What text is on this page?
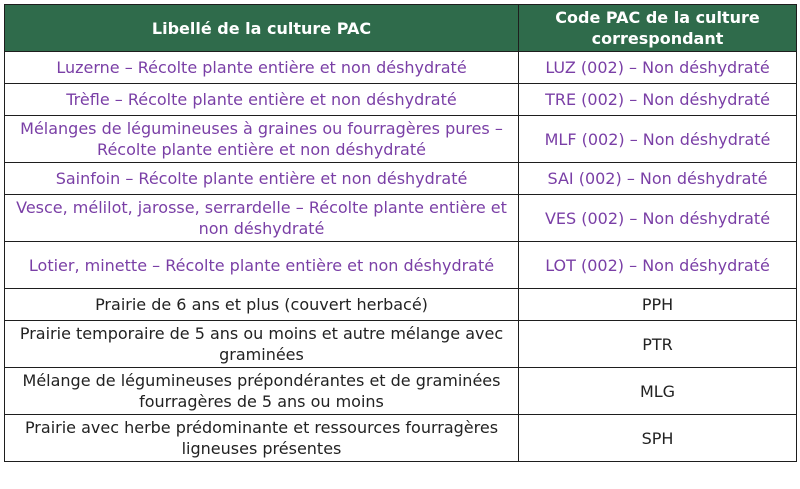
Libellé de la culture PAC	Code PAC de la culture correspondant
Luzerne – Récolte plante entière et non déshydraté	LUZ (002) – Non déshydraté
Trèfle – Récolte plante entière et non déshydraté	TRE (002) – Non déshydraté
Mélanges de légumineuses à graines ou fourragères pures – Récolte plante entière et non déshydraté	MLF (002) – Non déshydraté
Sainfoin – Récolte plante entière et non déshydraté	SAI (002) – Non déshydraté
Vesce, mélilot, jarosse, serrardelle – Récolte plante entière et non déshydraté	VES (002) – Non déshydraté
Lotier, minette – Récolte plante entière et non déshydraté	LOT (002) – Non déshydraté
Prairie de 6 ans et plus (couvert herbacé)	PPH
Prairie temporaire de 5 ans ou moins et autre mélange avec graminées	PTR
Mélange de légumineuses prépondérantes et de graminées fourragères de 5 ans ou moins	MLG
Prairie avec herbe prédominante et ressources fourragères ligneuses présentes	SPH
